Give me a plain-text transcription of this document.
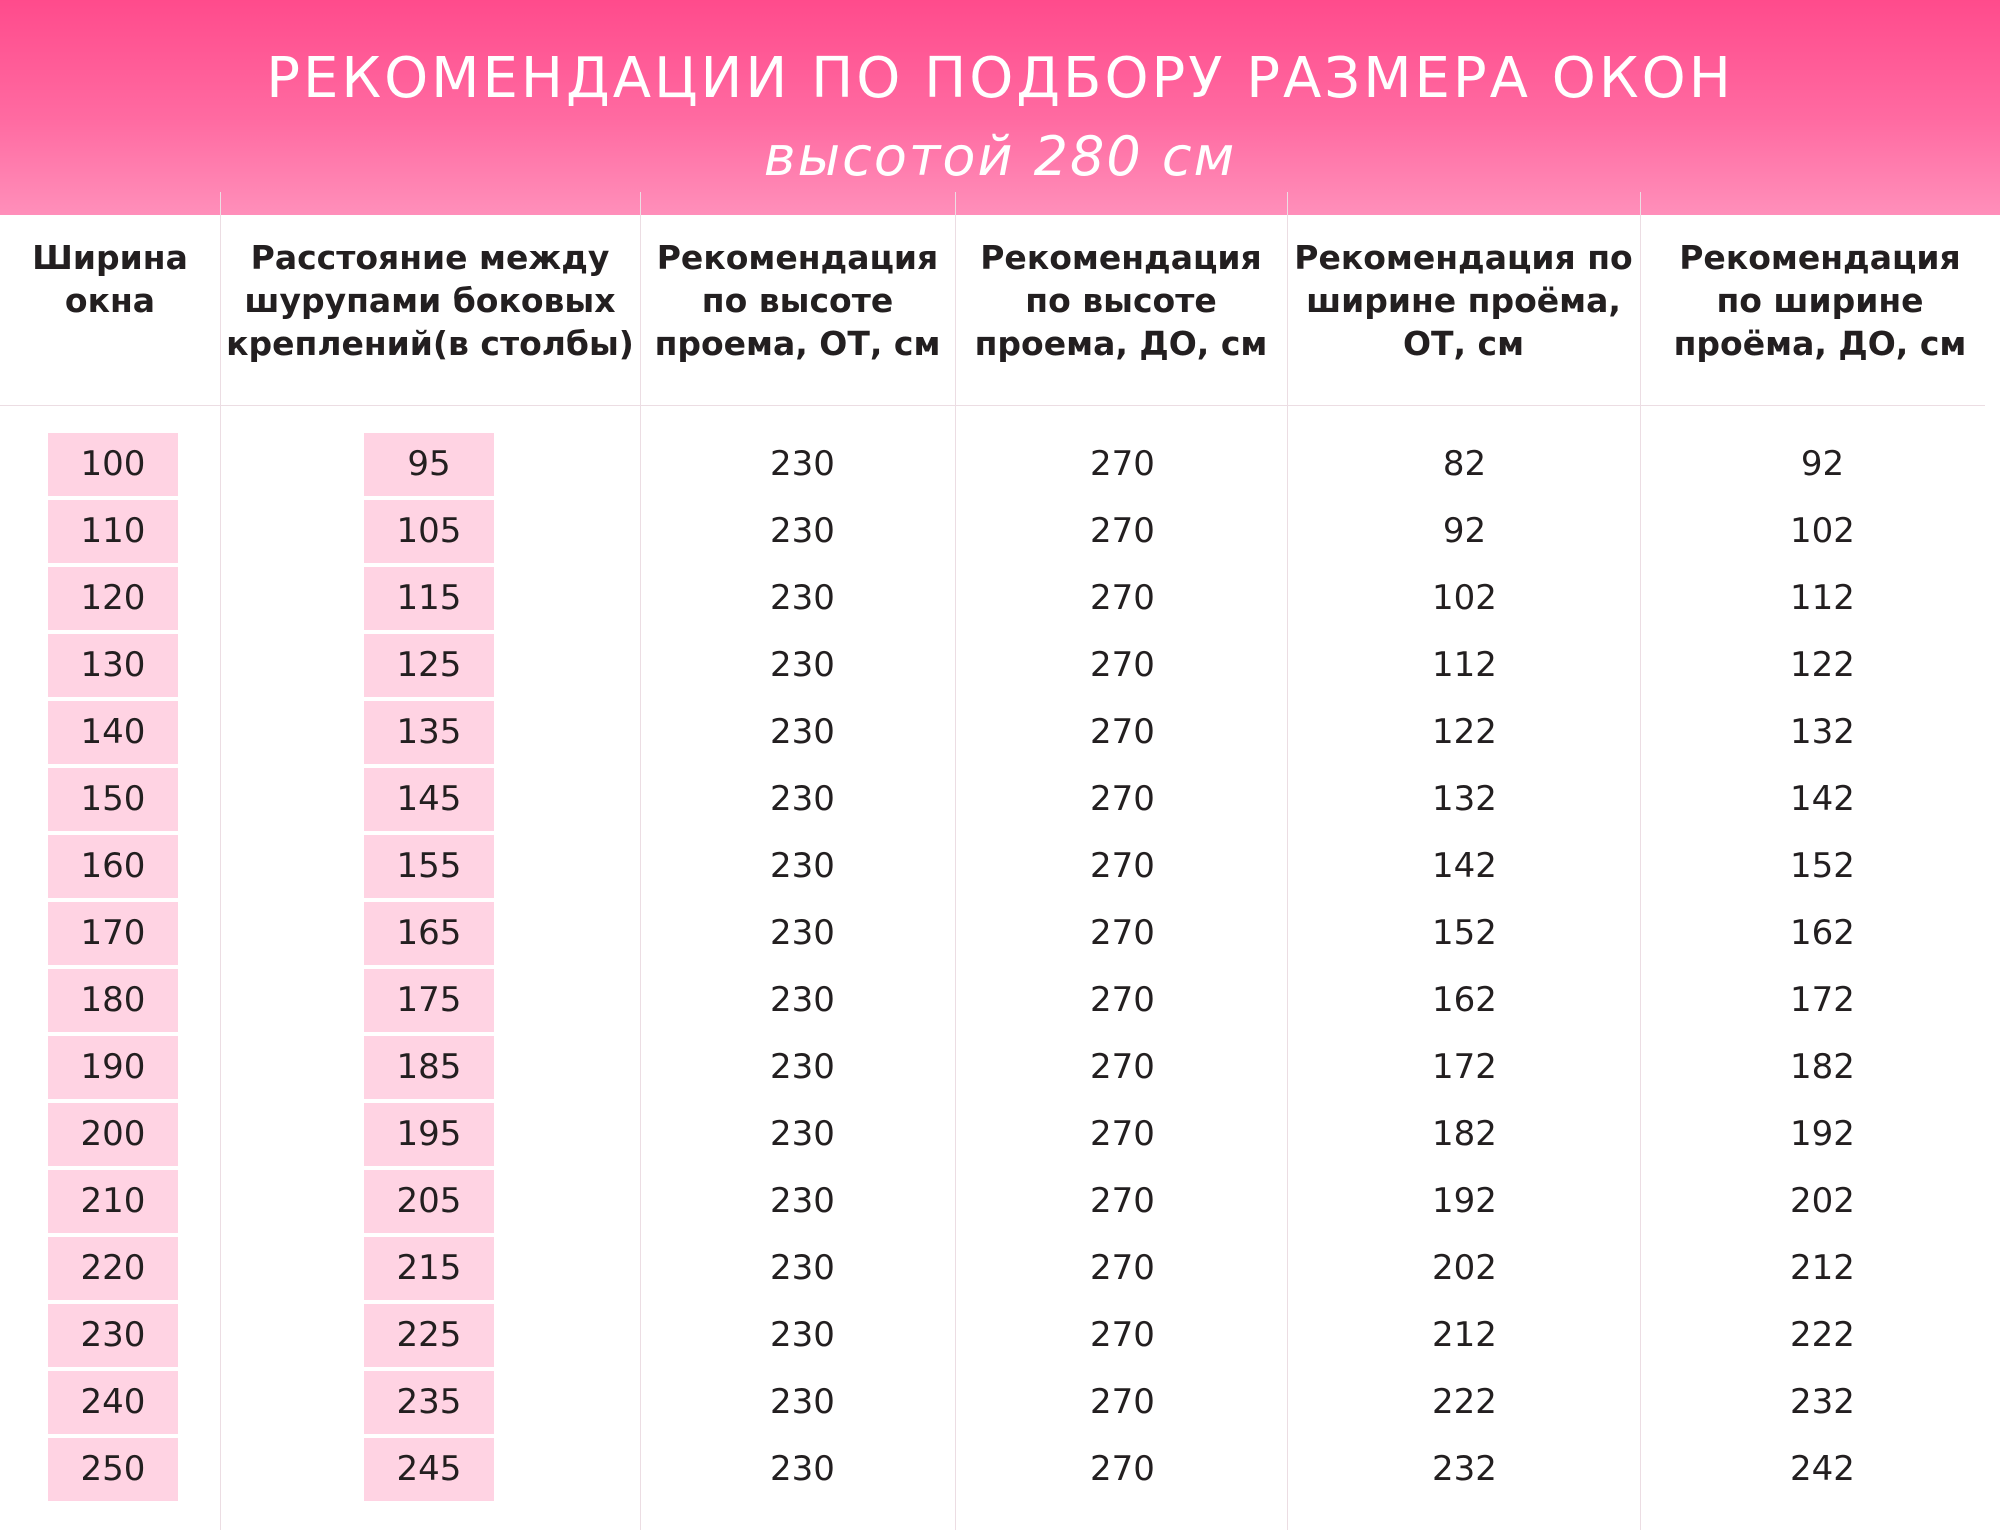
РЕКОМЕНДАЦИИ ПО ПОДБОРУ РАЗМЕРА ОКОН
высотой 280 см
Ширина
окна
Расстояние между
шурупами боковых
креплений(в столбы)
Рекомендация
по высоте
проема, ОТ, см
Рекомендация
по высоте
проема, ДО, см
Рекомендация по
ширине проёма,
ОТ, см
Рекомендация
по ширине
проёма, ДО, см
100	95	230	270	82	92
110	105	230	270	92	102
120	115	230	270	102	112
130	125	230	270	112	122
140	135	230	270	122	132
150	145	230	270	132	142
160	155	230	270	142	152
170	165	230	270	152	162
180	175	230	270	162	172
190	185	230	270	172	182
200	195	230	270	182	192
210	205	230	270	192	202
220	215	230	270	202	212
230	225	230	270	212	222
240	235	230	270	222	232
250	245	230	270	232	242
